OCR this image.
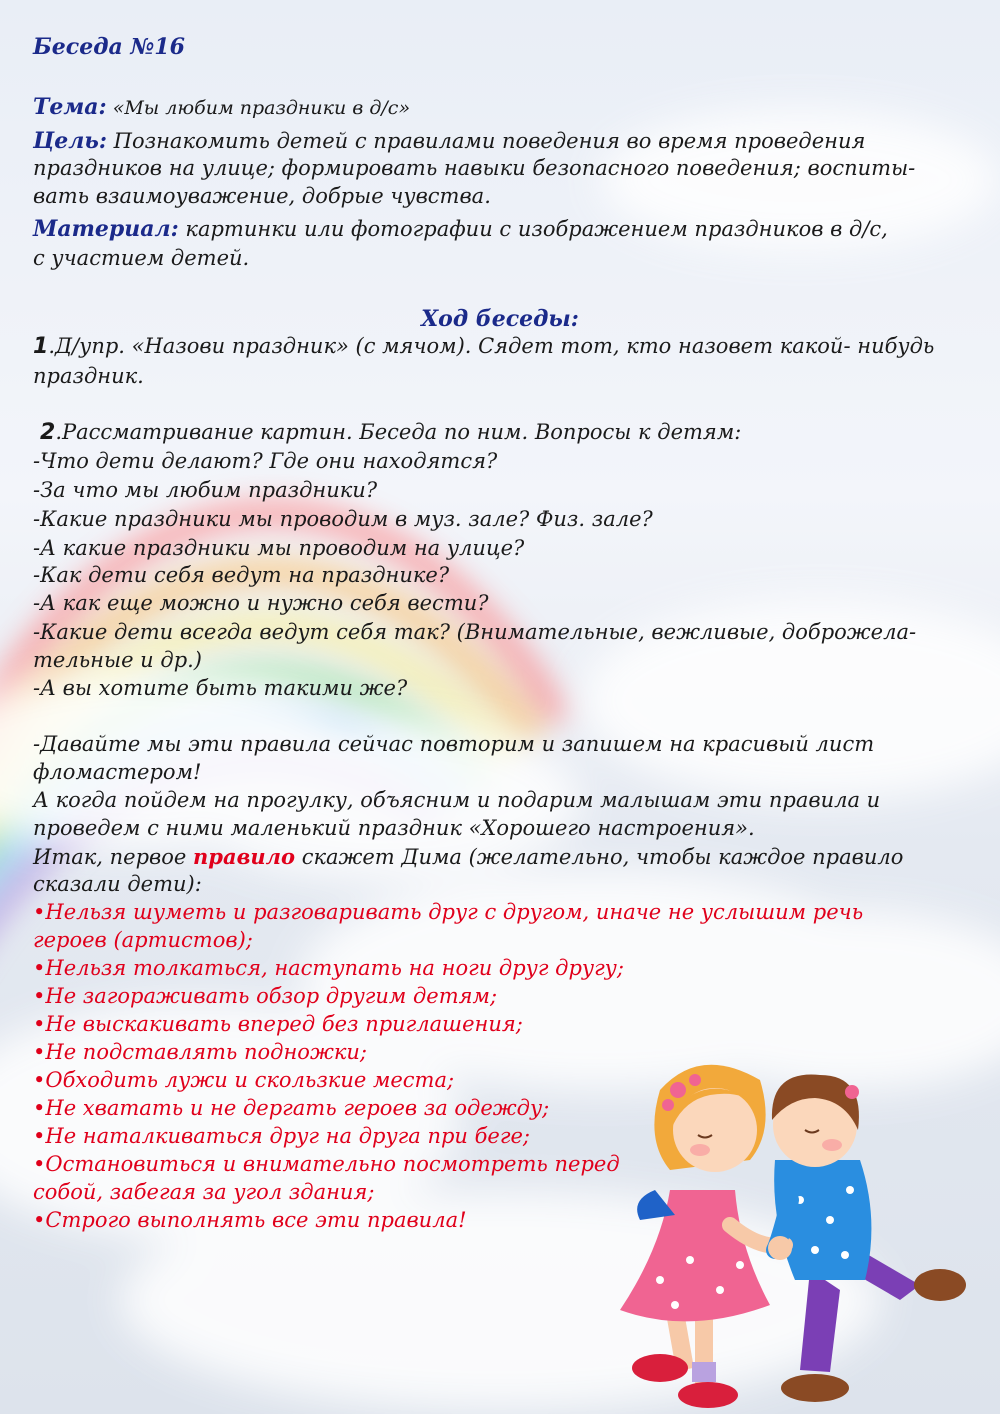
Беседа №16
Тема: «Мы любим праздники в д/с»
Цель: Познакомить детей с правилами поведения во время проведения
праздников на улице; формировать навыки безопасного поведения; воспиты-
вать взаимоуважение, добрые чувства.
Материал: картинки или фотографии с изображением праздников в д/с,
с участием детей.
Ход беседы:
1.Д/упр. «Назови праздник» (с мячом). Сядет тот, кто назовет какой- нибудь
праздник.
2.Рассматривание картин. Беседа по ним. Вопросы к детям:
-Что дети делают? Где они находятся?
-За что мы любим праздники?
-Какие праздники мы проводим в муз. зале? Физ. зале?
-А какие праздники мы проводим на улице?
-Как дети себя ведут на празднике?
-А как еще можно и нужно себя вести?
-Какие дети всегда ведут себя так? (Внимательные, вежливые, доброжела-
тельные и др.)
-А вы хотите быть такими же?
-Давайте мы эти правила сейчас повторим и запишем на красивый лист
фломастером!
А когда пойдем на прогулку, объясним и подарим малышам эти правила и
проведем с ними маленький праздник «Хорошего настроения».
Итак, первое правило скажет Дима (желательно, чтобы каждое правило
сказали дети):
•Нельзя шуметь и разговаривать друг с другом, иначе не услышим речь
героев (артистов);
•Нельзя толкаться, наступать на ноги друг другу;
•Не загораживать обзор другим детям;
•Не выскакивать вперед без приглашения;
•Не подставлять подножки;
•Обходить лужи и скользкие места;
•Не хватать и не дергать героев за одежду;
•Не наталкиваться друг на друга при беге;
•Остановиться и внимательно посмотреть перед
собой, забегая за угол здания;
•Строго выполнять все эти правила!
